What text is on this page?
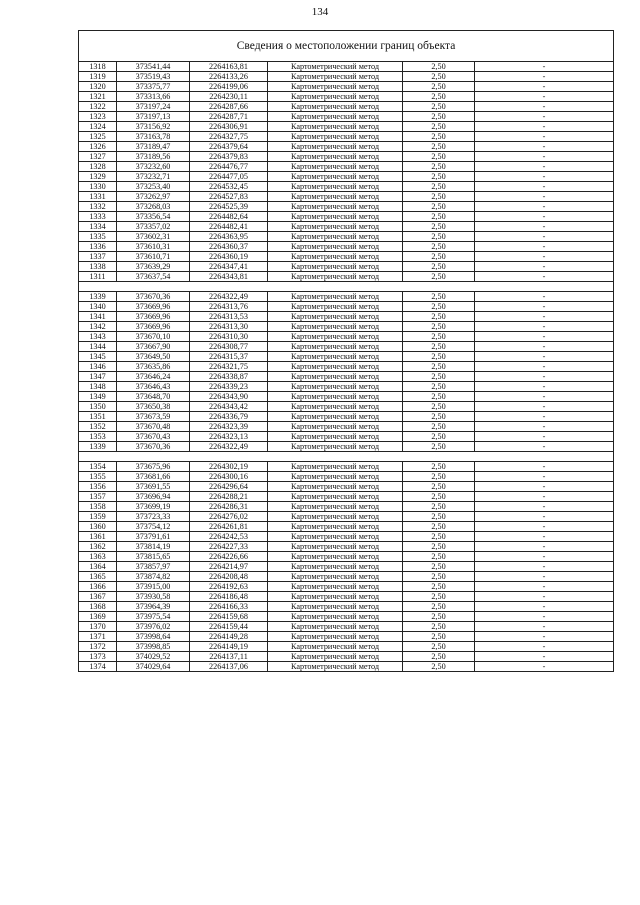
134
Сведения о местоположении границ объекта					
1318	373541,44	2264163,81	Картометрический метод	2,50	-
1319	373519,43	2264133,26	Картометрический метод	2,50	-
1320	373375,77	2264199,06	Картометрический метод	2,50	-
1321	373313,66	2264230,11	Картометрический метод	2,50	-
1322	373197,24	2264287,66	Картометрический метод	2,50	-
1323	373197,13	2264287,71	Картометрический метод	2,50	-
1324	373156,92	2264306,91	Картометрический метод	2,50	-
1325	373163,78	2264327,75	Картометрический метод	2,50	-
1326	373189,47	2264379,64	Картометрический метод	2,50	-
1327	373189,56	2264379,83	Картометрический метод	2,50	-
1328	373232,60	2264476,77	Картометрический метод	2,50	-
1329	373232,71	2264477,05	Картометрический метод	2,50	-
1330	373253,40	2264532,45	Картометрический метод	2,50	-
1331	373262,97	2264527,83	Картометрический метод	2,50	-
1332	373268,03	2264525,39	Картометрический метод	2,50	-
1333	373356,54	2264482,64	Картометрический метод	2,50	-
1334	373357,02	2264482,41	Картометрический метод	2,50	-
1335	373602,31	2264363,95	Картометрический метод	2,50	-
1336	373610,31	2264360,37	Картометрический метод	2,50	-
1337	373610,71	2264360,19	Картометрический метод	2,50	-
1338	373639,29	2264347,41	Картометрический метод	2,50	-
1311	373637,54	2264343,81	Картометрический метод	2,50	-

1339	373670,36	2264322,49	Картометрический метод	2,50	-
1340	373669,96	2264313,76	Картометрический метод	2,50	-
1341	373669,96	2264313,53	Картометрический метод	2,50	-
1342	373669,96	2264313,30	Картометрический метод	2,50	-
1343	373670,10	2264310,30	Картометрический метод	2,50	-
1344	373667,90	2264308,77	Картометрический метод	2,50	-
1345	373649,50	2264315,37	Картометрический метод	2,50	-
1346	373635,86	2264321,75	Картометрический метод	2,50	-
1347	373646,24	2264338,87	Картометрический метод	2,50	-
1348	373646,43	2264339,23	Картометрический метод	2,50	-
1349	373648,70	2264343,90	Картометрический метод	2,50	-
1350	373650,38	2264343,42	Картометрический метод	2,50	-
1351	373673,59	2264336,79	Картометрический метод	2,50	-
1352	373670,48	2264323,39	Картометрический метод	2,50	-
1353	373670,43	2264323,13	Картометрический метод	2,50	-
1339	373670,36	2264322,49	Картометрический метод	2,50	-

1354	373675,96	2264302,19	Картометрический метод	2,50	-
1355	373681,66	2264300,16	Картометрический метод	2,50	-
1356	373691,55	2264296,64	Картометрический метод	2,50	-
1357	373696,94	2264288,21	Картометрический метод	2,50	-
1358	373699,19	2264286,31	Картометрический метод	2,50	-
1359	373723,33	2264276,02	Картометрический метод	2,50	-
1360	373754,12	2264261,81	Картометрический метод	2,50	-
1361	373791,61	2264242,53	Картометрический метод	2,50	-
1362	373814,19	2264227,33	Картометрический метод	2,50	-
1363	373815,65	2264226,66	Картометрический метод	2,50	-
1364	373857,97	2264214,97	Картометрический метод	2,50	-
1365	373874,82	2264208,48	Картометрический метод	2,50	-
1366	373915,00	2264192,63	Картометрический метод	2,50	-
1367	373930,58	2264186,48	Картометрический метод	2,50	-
1368	373964,39	2264166,33	Картометрический метод	2,50	-
1369	373975,54	2264159,68	Картометрический метод	2,50	-
1370	373976,02	2264159,44	Картометрический метод	2,50	-
1371	373998,64	2264149,28	Картометрический метод	2,50	-
1372	373998,85	2264149,19	Картометрический метод	2,50	-
1373	374029,52	2264137,11	Картометрический метод	2,50	-
1374	374029,64	2264137,06	Картометрический метод	2,50	-
